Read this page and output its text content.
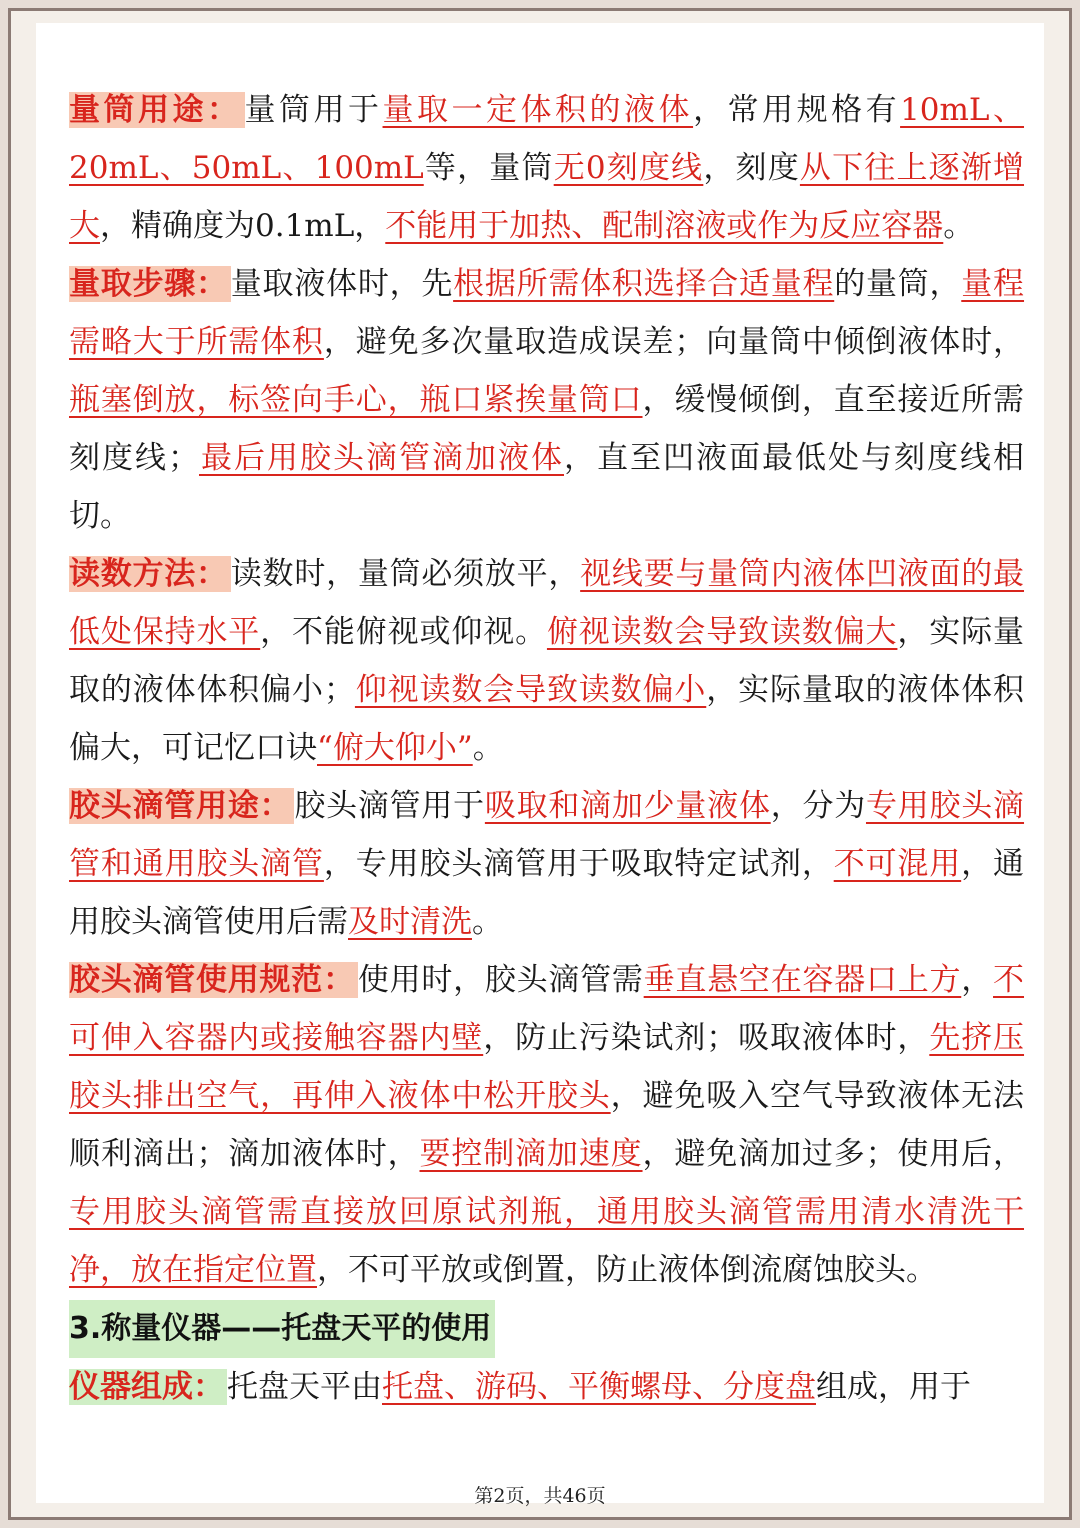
量筒用途：量筒用于量取一定体积的液体，常用规格有10mL、20mL、50mL、100mL等，量筒无0刻度线，刻度从下往上逐渐增大，精确度为0.1mL，不能用于加热、配制溶液或作为反应容器。

量取步骤：量取液体时，先根据所需体积选择合适量程的量筒，量程需略大于所需体积，避免多次量取造成误差；向量筒中倾倒液体时，瓶塞倒放，标签向手心，瓶口紧挨量筒口，缓慢倾倒，直至接近所需刻度线；最后用胶头滴管滴加液体，直至凹液面最低处与刻度线相切。

读数方法：读数时，量筒必须放平，视线要与量筒内液体凹液面的最低处保持水平，不能俯视或仰视。俯视读数会导致读数偏大，实际量取的液体体积偏小；仰视读数会导致读数偏小，实际量取的液体体积偏大，可记忆口诀“俯大仰小”。

胶头滴管用途：胶头滴管用于吸取和滴加少量液体，分为专用胶头滴管和通用胶头滴管，专用胶头滴管用于吸取特定试剂，不可混用，通用胶头滴管使用后需及时清洗。

胶头滴管使用规范：使用时，胶头滴管需垂直悬空在容器口上方，不可伸入容器内或接触容器内壁，防止污染试剂；吸取液体时，先挤压胶头排出空气，再伸入液体中松开胶头，避免吸入空气导致液体无法顺利滴出；滴加液体时，要控制滴加速度，避免滴加过多；使用后，专用胶头滴管需直接放回原试剂瓶，通用胶头滴管需用清水清洗干净，放在指定位置，不可平放或倒置，防止液体倒流腐蚀胶头。

3.称量仪器——托盘天平的使用

仪器组成：托盘天平由托盘、游码、平衡螺母、分度盘组成，用于

第2页，共46页
